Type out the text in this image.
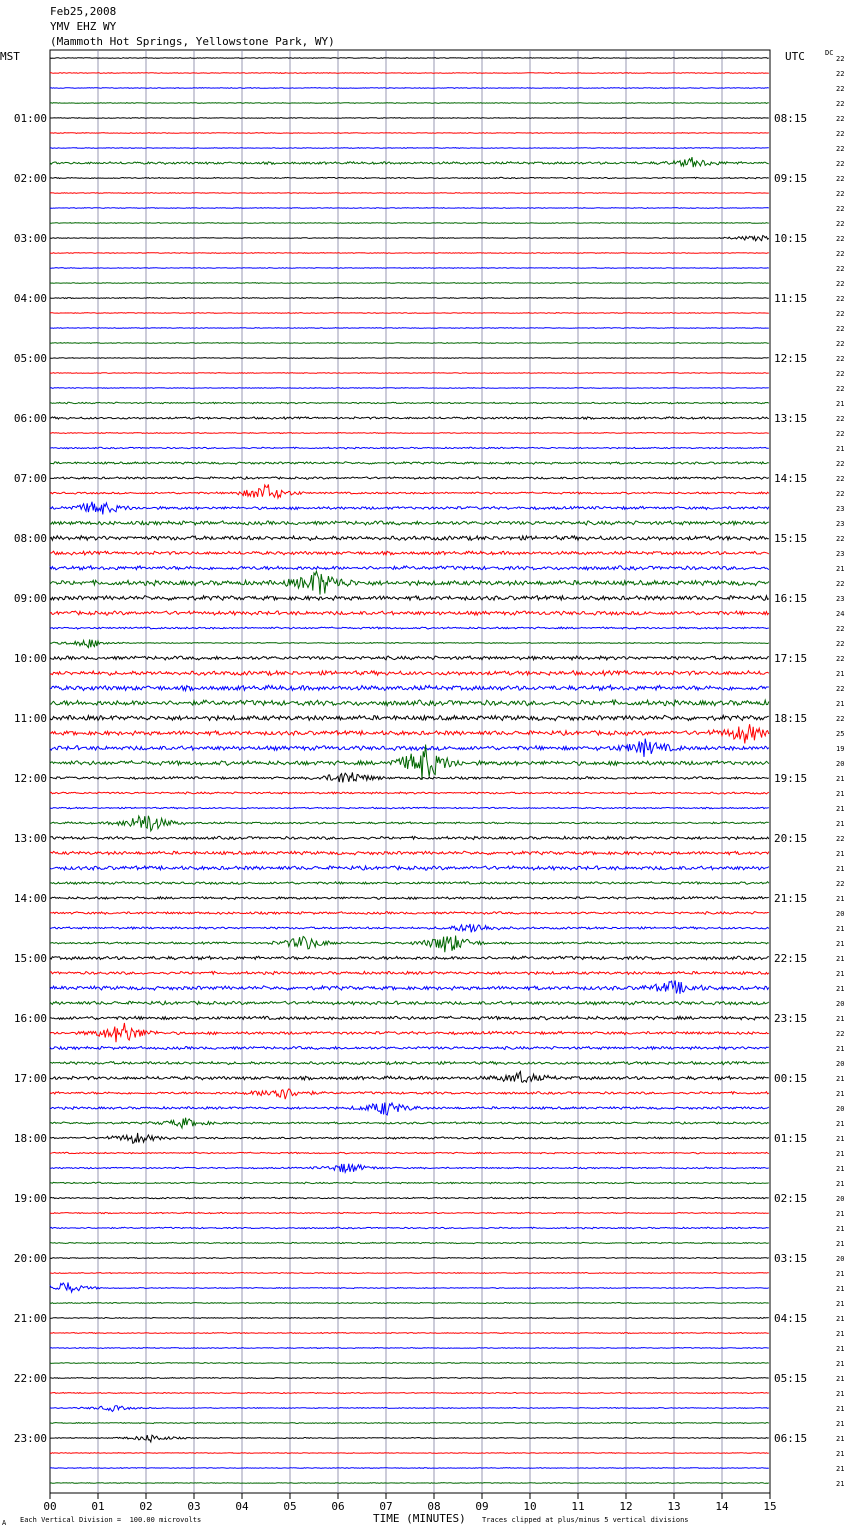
Feb25,2008
YMV EHZ WY
(Mammoth Hot Springs, Yellowstone Park, WY)
MST	UTC	DC
22
22
22
22
22
22
22
22
22
22
22
22
22
22
22
22
22
22
22
22
22
22
22
21
22
22
21
22
22
22
23
23
22
23
21
22
23
24
22
22
22
21
22
21
22
25
19
20
21
21
21
21
22
21
21
22
21
20
21
21
21
21
21
20
21
22
21
20
21
21
20
21
21
21
21
21
20
21
21
21
20
21
21
21
21
21
21
21
21
21
21
21
21
21
21
21
01:00
02:00
03:00
04:00
05:00
06:00
07:00
08:00
09:00
10:00
11:00
12:00
13:00
14:00
15:00
16:00
17:00
18:00
19:00
20:00
21:00
22:00
23:00
08:15
09:15
10:15
11:15
12:15
13:15
14:15
15:15
16:15
17:15
18:15
19:15
20:15
21:15
22:15
23:15
00:15
01:15
02:15
03:15
04:15
05:15
06:15
00	01	02	03	04	05	06	07	08	09	10	11	12	13	14	15
A Each Vertical Division =  100.00 microvolts	TIME (MINUTES) Traces clipped at plus/minus 5 vertical divisions
